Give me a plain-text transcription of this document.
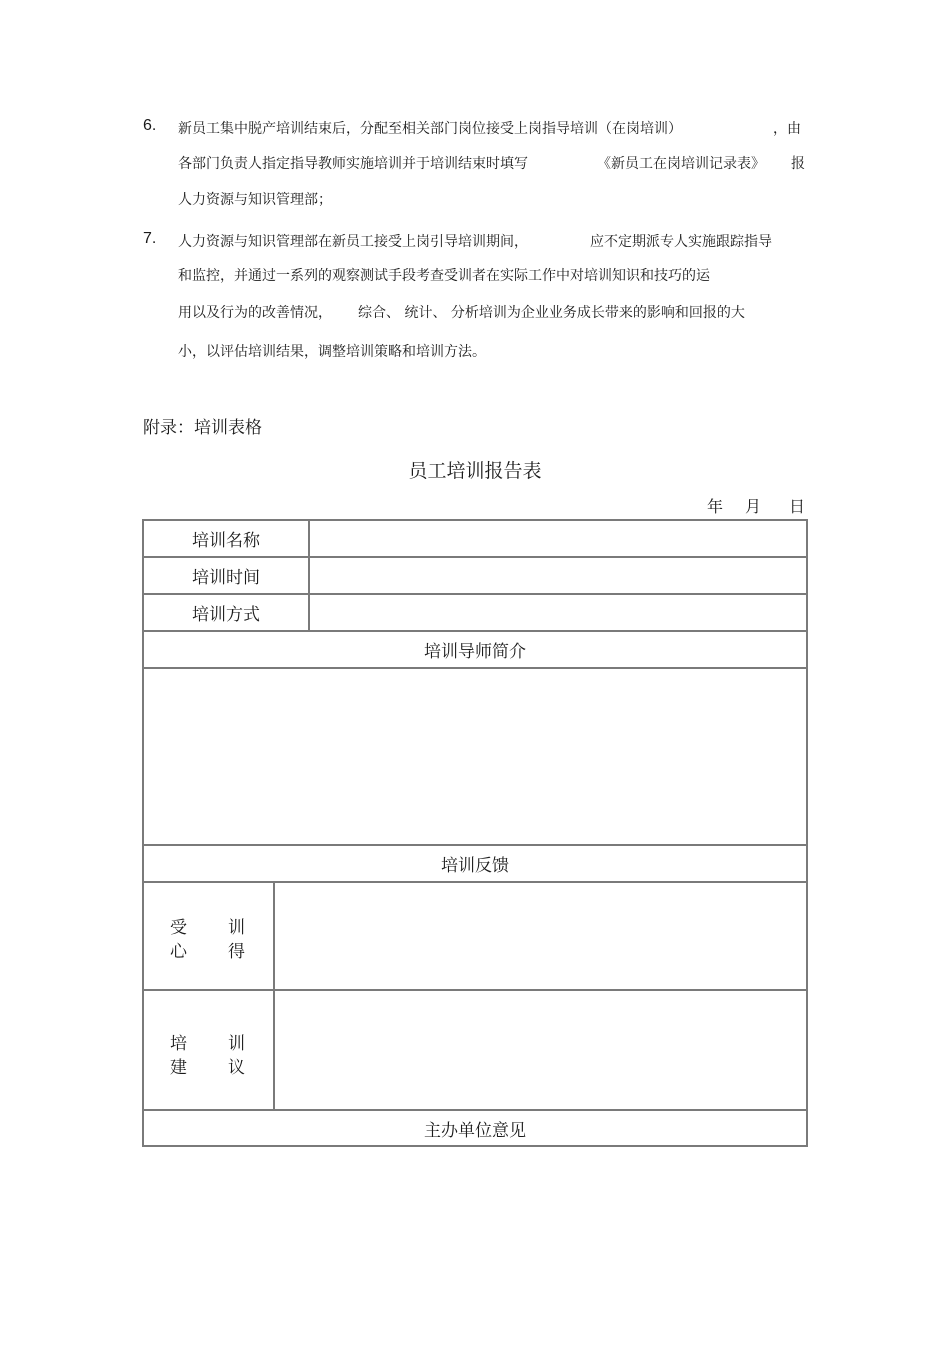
6. 新员工集中脱产培训结束后，分配至相关部门岗位接受上岗指导培训（在岗培训）	，由
各部门负责人指定指导教师实施培训并于培训结束时填写	《新员工在岗培训记录表》 报
人力资源与知识管理部；
7. 人力资源与知识管理部在新员工接受上岗引导培训期间，	应不定期派专人实施跟踪指导
和监控，并通过一系列的观察测试手段考查受训者在实际工作中对培训知识和技巧的运
用以及行为的改善情况， 综合、 统计、 分析培训为企业业务成长带来的影响和回报的大
小，以评估培训结果，调整培训策略和培训方法。
附录：培训表格
员工培训报告表
年 月 日
培训名称
培训时间
培训方式
培训导师简介
培训反馈
受 训
心 得
培 训
建 议
主办单位意见
